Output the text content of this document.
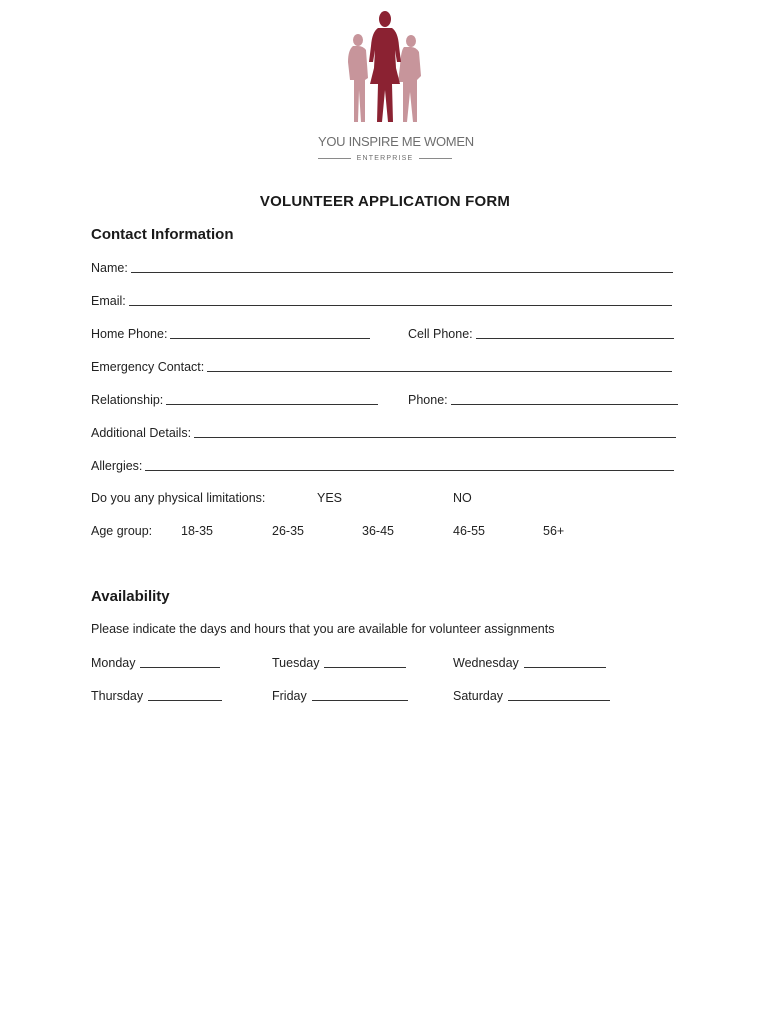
YOU INSPIRE ME WOMEN
ENTERPRISE
VOLUNTEER APPLICATION FORM
Contact Information
Name:
Email:
Home Phone:	Cell Phone:
Emergency Contact:
Relationship:	Phone:
Additional Details:
Allergies:
Do you any physical limitations:	YES	NO
Age group: 18-35	26-35	36-45	46-55	56+
Availability
Please indicate the days and hours that you are available for volunteer assignments
Monday	Tuesday	Wednesday
Thursday	Friday	Saturday
